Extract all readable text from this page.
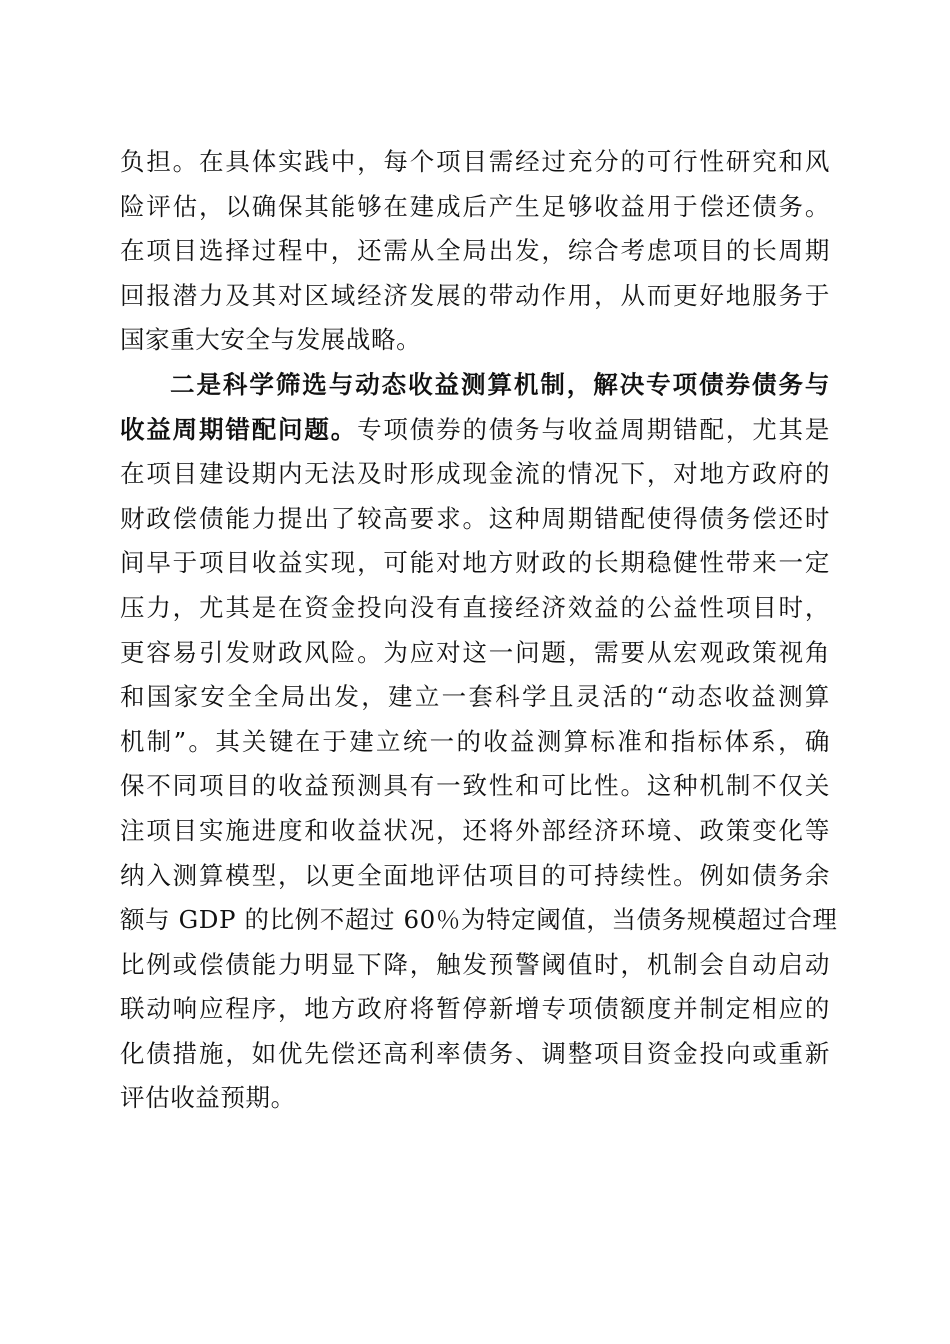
负担。在具体实践中，每个项目需经过充分的可行性研究和风
险评估，以确保其能够在建成后产生足够收益用于偿还债务。
在项目选择过程中，还需从全局出发，综合考虑项目的长周期
回报潜力及其对区域经济发展的带动作用，从而更好地服务于
国家重大安全与发展战略。
二是科学筛选与动态收益测算机制，解决专项债券债务与
收益周期错配问题。专项债券的债务与收益周期错配，尤其是
在项目建设期内无法及时形成现金流的情况下，对地方政府的
财政偿债能力提出了较高要求。这种周期错配使得债务偿还时
间早于项目收益实现，可能对地方财政的长期稳健性带来一定
压力，尤其是在资金投向没有直接经济效益的公益性项目时，
更容易引发财政风险。为应对这一问题，需要从宏观政策视角
和国家安全全局出发，建立一套科学且灵活的“动态收益测算
机制”。其关键在于建立统一的收益测算标准和指标体系，确
保不同项目的收益预测具有一致性和可比性。这种机制不仅关
注项目实施进度和收益状况，还将外部经济环境、政策变化等
纳入测算模型，以更全面地评估项目的可持续性。例如债务余
额与 GDP 的比例不超过 60％为特定阈值，当债务规模超过合理
比例或偿债能力明显下降，触发预警阈值时，机制会自动启动
联动响应程序，地方政府将暂停新增专项债额度并制定相应的
化债措施，如优先偿还高利率债务、调整项目资金投向或重新
评估收益预期。
